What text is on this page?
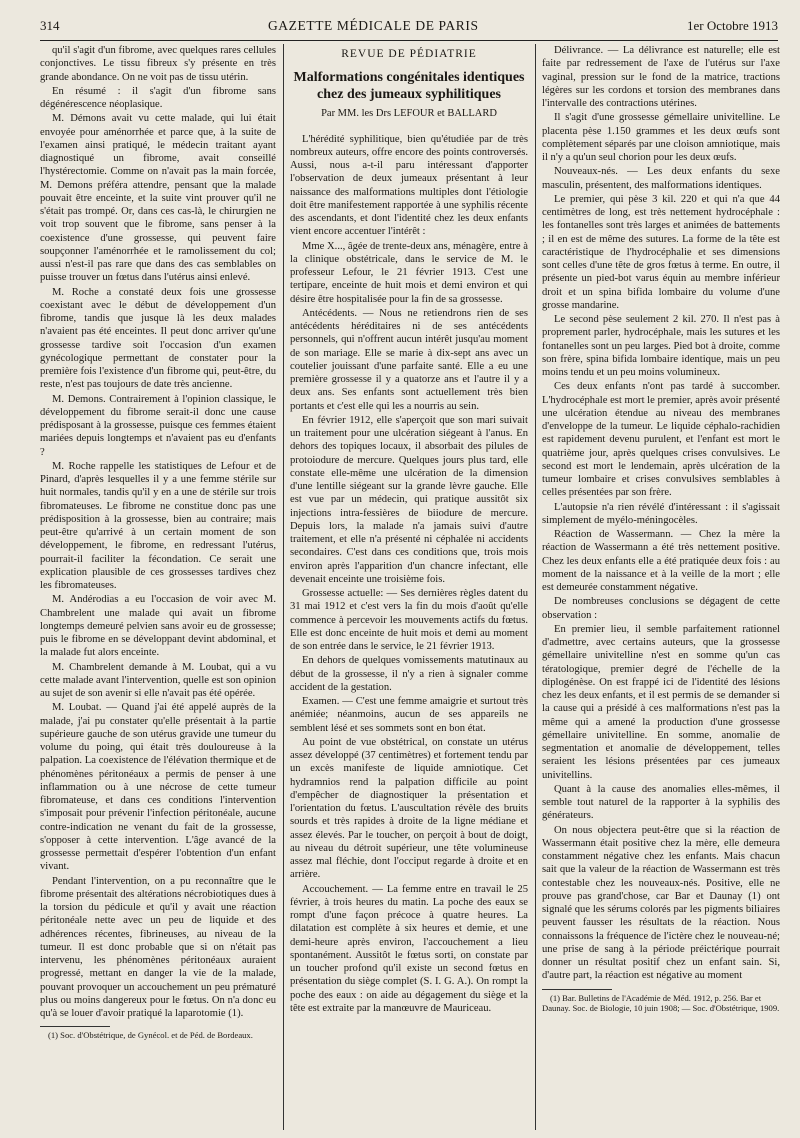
314	GAZETTE MÉDICALE DE PARIS	1er Octobre 1913

qu'il s'agit d'un fibrome, avec quelques rares cellules conjonctives. Le tissu fibreux s'y présente en très grande abondance. On ne voit pas de tissu utérin.

En résumé : il s'agit d'un fibrome sans dégénérescence néoplasique.

M. Démons avait vu cette malade, qui lui était envoyée pour aménorrhée et parce que, à la suite de l'examen ainsi pratiqué, le médecin traitant ayant diagnostiqué un fibrome, avait conseillé l'hystérectomie. Comme on n'avait pas la main forcée, M. Demons préféra attendre, pensant que la malade pouvait être enceinte, et la suite vint prouver qu'il ne s'était pas trompé. Or, dans ces cas-là, le chirurgien ne voit trop souvent que le fibrome, sans penser à la coexistence d'une grossesse, qui peuvent faire soupçonner l'aménorrhée et le ramolissement du col; aussi n'est-il pas rare que dans des cas semblables on puisse trouver un fœtus dans l'utérus ainsi enlevé.

M. Roche a constaté deux fois une grossesse coexistant avec le début de développement d'un fibrome, tandis que jusque là les deux malades n'avaient pas été enceintes. Il peut donc arriver qu'une grossesse tardive soit l'occasion d'un examen gynécologique permettant de constater pour la première fois l'existence d'un fibrome qui, peut-être, du reste, n'est pas toujours de date très ancienne.

M. Demons. Contrairement à l'opinion classique, le développement du fibrome serait-il donc une cause prédisposant à la grossesse, puisque ces femmes étaient mariées depuis longtemps et n'avaient pas eu d'enfants ?

M. Roche rappelle les statistiques de Lefour et de Pinard, d'après lesquelles il y a une femme stérile sur huit normales, tandis qu'il y en a une de stérile sur trois fibromateuses. Le fibrome ne constitue donc pas une prédisposition à la grossesse, bien au contraire; mais peut-être qu'arrivé à un certain moment de son développement, le fibrome, en redressant l'utérus, pourrait-il faciliter la fécondation. Ce serait une explication plausible de ces grossesses tardives chez les fibromateuses.

M. Andérodias a eu l'occasion de voir avec M. Chambrelent une malade qui avait un fibrome longtemps demeuré pelvien sans avoir eu de grossesse; puis le fibrome en se développant devint abdominal, et la malade fut alors enceinte.

M. Chambrelent demande à M. Loubat, qui a vu cette malade avant l'intervention, quelle est son opinion au sujet de son avenir si elle n'avait pas été opérée.

M. Loubat. — Quand j'ai été appelé auprès de la malade, j'ai pu constater qu'elle présentait à la partie supérieure gauche de son utérus gravide une tumeur du volume du poing, qui était très douloureuse à la palpation. La coexistence de l'élévation thermique et de phénomènes péritonéaux a permis de penser à une inflammation ou à une nécrose de cette tumeur fibromateuse, et dans ces conditions l'intervention s'imposait pour prévenir l'infection péritonéale, aucune contre-indication ne venant du fait de la grossesse, s'opposer à cette intervention. L'âge avancé de la grossesse permettait d'espérer l'obtention d'un enfant vivant.

Pendant l'intervention, on a pu reconnaître que le fibrome présentait des altérations nécrobiotiques dues à la torsion du pédicule et qu'il y avait une réaction péritonéale nette avec un peu de liquide et des adhérences récentes, fibrineuses, au niveau de la tumeur. Il est donc probable que si on n'était pas intervenu, les phénomènes péritonéaux auraient progressé, mettant en danger la vie de la malade, pouvant provoquer un accouchement un peu prématuré plus ou moins dangereux pour le fœtus. On n'a donc eu qu'à se louer d'avoir pratiqué la laparotomie (1).

(1) Soc. d'Obstétrique, de Gynécol. et de Péd. de Bordeaux.
REVUE DE PÉDIATRIE
Malformations congénitales identiques chez des jumeaux syphilitiques
Par MM. les Drs LEFOUR et BALLARD

L'hérédité syphilitique, bien qu'étudiée par de très nombreux auteurs, offre encore des points controversés. Aussi, nous a-t-il paru intéressant d'apporter l'observation de deux jumeaux présentant à leur naissance des malformations multiples dont l'étiologie doit être manifestement rapportée à une syphilis récente des ascendants, et dont l'identité chez les deux enfants vient encore accentuer l'intérêt :

Mme X..., âgée de trente-deux ans, ménagère, entre à la clinique obstétricale, dans le service de M. le professeur Lefour, le 21 février 1913. C'est une tertipare, enceinte de huit mois et demi environ et qui désire être hospitalisée pour la fin de sa grossesse.

Antécédents. — Nous ne retiendrons rien de ses antécédents héréditaires ni de ses antécédents personnels, qui n'offrent aucun intérêt jusqu'au moment de son mariage. Elle se marie à dix-sept ans avec un coutelier jouissant d'une parfaite santé. Elle a eu une première grossesse il y a quatorze ans et l'autre il y a deux ans. Ses enfants sont actuellement très bien portants et c'est elle qui les a nourris au sein.

En février 1912, elle s'aperçoit que son mari suivait un traitement pour une ulcération siégeant à l'anus. En dehors des topiques locaux, il absorbait des pilules de protoiodure de mercure. Quelques jours plus tard, elle constate elle-même une ulcération de la dimension d'une lentille siégeant sur la grande lèvre gauche. Elle est vue par un médecin, qui pratique aussitôt six injections intra-fessières de biiodure de mercure. Depuis lors, la malade n'a jamais suivi d'autre traitement, et elle n'a présenté ni céphalée ni accidents secondaires. C'est dans ces conditions que, trois mois environ après l'apparition d'un chancre infectant, elle devenait enceinte une troisième fois.

Grossesse actuelle: — Ses dernières règles datent du 31 mai 1912 et c'est vers la fin du mois d'août qu'elle commence à percevoir les mouvements actifs du fœtus. Elle est donc enceinte de huit mois et demi au moment de son entrée dans le service, le 21 février 1913.

En dehors de quelques vomissements matutinaux au début de la grossesse, il n'y a rien à signaler comme accident de la gestation.

Examen. — C'est une femme amaigrie et surtout très anémiée; néanmoins, aucun de ses appareils ne semblent lésé et ses sommets sont en bon état.

Au point de vue obstétrical, on constate un utérus assez développé (37 centimètres) et fortement tendu par un excès manifeste de liquide amniotique. Cet hydramnios rend la palpation difficile au point d'empêcher de diagnostiquer la présentation et l'orientation du fœtus. L'auscultation révèle des bruits sourds et très rapides à droite de la ligne médiane et assez élevés. Par le toucher, on perçoit à bout de doigt, au niveau du détroit supérieur, une tête volumineuse assez mal fléchie, dont l'occiput regarde à droite et en arrière.

Accouchement. — La femme entre en travail le 25 février, à trois heures du matin. La poche des eaux se rompt d'une façon précoce à quatre heures. La dilatation est complète à six heures et demie, et une demi-heure après environ, l'accouchement a lieu spontanément. Aussitôt le fœtus sorti, on constate par un toucher profond qu'il existe un second fœtus en présentation du siège complet (S. I. G. A.). On rompt la poche des eaux : on aide au dégagement du siège et la tête est extraite par la manœuvre de Mauriceau.

Délivrance. — La délivrance est naturelle; elle est faite par redressement de l'axe de l'utérus sur l'axe vaginal, pression sur le fond de la matrice, tractions légères sur les cordons et torsion des membranes dans l'intervalle des contractions utérines.

Il s'agit d'une grossesse gémellaire univitelline. Le placenta pèse 1.150 grammes et les deux œufs sont complètement séparés par une cloison amniotique, mais il n'y a qu'un seul chorion pour les deux œufs.

Nouveaux-nés. — Les deux enfants du sexe masculin, présentent, des malformations identiques.

Le premier, qui pèse 3 kil. 220 et qui n'a que 44 centimètres de long, est très nettement hydrocéphale : les fontanelles sont très larges et animées de battements ; il en est de même des sutures. La forme de la tête est caractéristique de l'hydrocéphalie et ses dimensions sont celles d'une tête de gros fœtus à terme. En outre, il présente un pied-bot varus équin au membre inférieur droit et un spina bifida lombaire du volume d'une grosse mandarine.

Le second pèse seulement 2 kil. 270. Il n'est pas à proprement parler, hydrocéphale, mais les sutures et les fontanelles sont un peu larges. Pied bot à droite, comme son frère, spina bifida lombaire identique, mais un peu moins tendu et un peu moins volumineux.

Ces deux enfants n'ont pas tardé à succomber. L'hydrocéphale est mort le premier, après avoir présenté une ulcération étendue au niveau des membranes d'enveloppe de la tumeur. Le liquide céphalo-rachidien est rapidement devenu purulent, et l'enfant est mort le quatrième jour, après quelques crises convulsives. Le second est mort le lendemain, après ulcération de la tumeur lombaire et crises convulsives semblables à celles présentées par son frère.

L'autopsie n'a rien révélé d'intéressant : il s'agissait simplement de myélo-méningocèles.

Réaction de Wassermann. — Chez la mère la réaction de Wassermann a été très nettement positive. Chez les deux enfants elle a été pratiquée deux fois : au moment de la naissance et à la veille de la mort ; elle est demeurée constamment négative.

De nombreuses conclusions se dégagent de cette observation :

En premier lieu, il semble parfaitement rationnel d'admettre, avec certains auteurs, que la grossesse gémellaire univitelline n'est en somme qu'un cas tératologique, premier degré de l'échelle de la diplogénèse. On est frappé ici de l'identité des lésions chez les deux enfants, et il est permis de se demander si la cause qui a présidé à ces malformations n'est pas la même qui a amené la production d'une grossesse gémellaire univitelline. En somme, anomalie de segmentation et anomalie de développement, telles seraient les lésions présentées par ces jumeaux univitellins.

Quant à la cause des anomalies elles-mêmes, il semble tout naturel de la rapporter à la syphilis des générateurs.

On nous objectera peut-être que si la réaction de Wassermann était positive chez la mère, elle demeura constamment négative chez les enfants. Mais chacun sait que la valeur de la réaction de Wassermann est très contestable chez les nouveaux-nés. Positive, elle ne prouve pas grand'chose, car Bar et Daunay (1) ont signalé que les sérums colorés par les pigments biliaires peuvent fausser les résultats de la réaction. Nous connaissons la fréquence de l'ictère chez le nouveau-né; une prise de sang à la période préictérique pourrait donner un résultat positif chez un enfant sain. Si, d'autre part, la réaction est négative au moment

(1) Bar. Bulletins de l'Académie de Méd. 1912, p. 256. Bar et Daunay. Soc. de Biologie, 10 juin 1908; — Soc. d'Obstétrique, 1909.
